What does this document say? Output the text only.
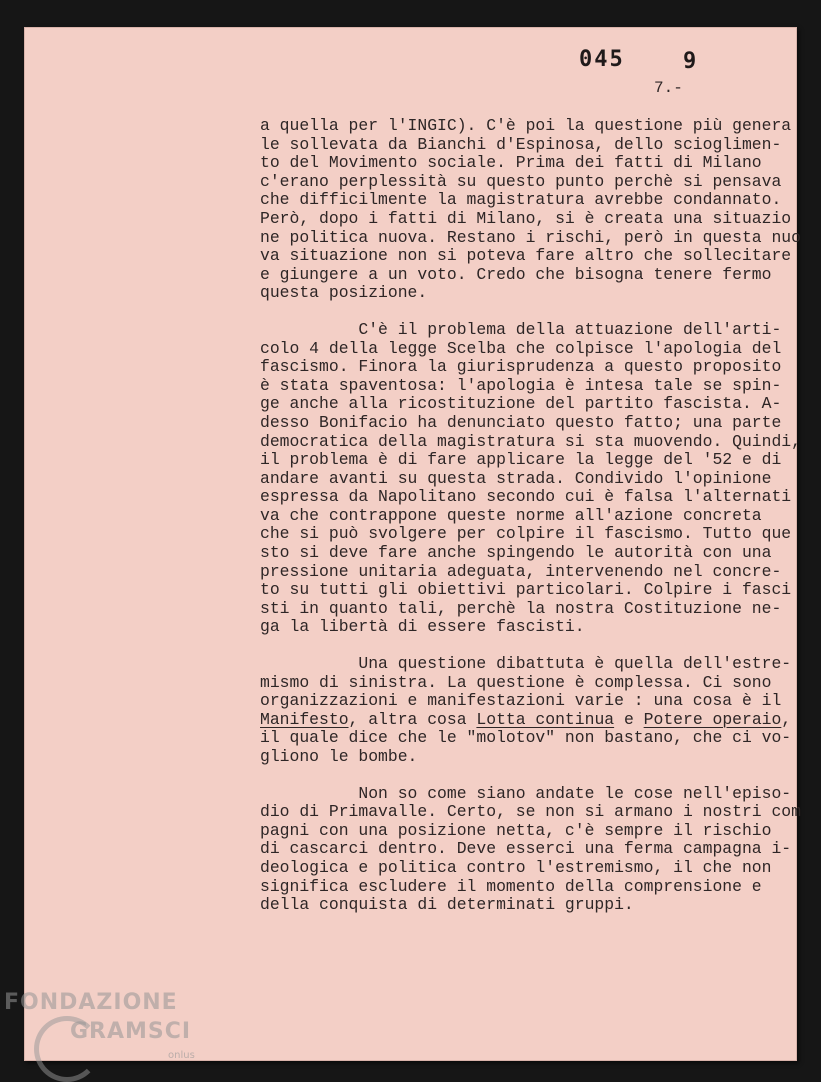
045	9
7.-
a quella per l'INGIC). C'è poi la questione più genera
le sollevata da Bianchi d'Espinosa, dello scioglimen-
to del Movimento sociale. Prima dei fatti di Milano
c'erano perplessità su questo punto perchè si pensava
che difficilmente la magistratura avrebbe condannato.
Però, dopo i fatti di Milano, si è creata una situazio
ne politica nuova. Restano i rischi, però in questa nuo
va situazione non si poteva fare altro che sollecitare
e giungere a un voto. Credo che bisogna tenere fermo
questa posizione.
C'è il problema della attuazione dell'arti-
colo 4 della legge Scelba che colpisce l'apologia del
fascismo. Finora la giurisprudenza a questo proposito
è stata spaventosa: l'apologia è intesa tale se spin-
ge anche alla ricostituzione del partito fascista. A-
desso Bonifacio ha denunciato questo fatto; una parte
democratica della magistratura si sta muovendo. Quindi,
il problema è di fare applicare la legge del '52 e di
andare avanti su questa strada. Condivido l'opinione
espressa da Napolitano secondo cui è falsa l'alternati
va che contrappone queste norme all'azione concreta
che si può svolgere per colpire il fascismo. Tutto que
sto si deve fare anche spingendo le autorità con una
pressione unitaria adeguata, intervenendo nel concre-
to su tutti gli obiettivi particolari. Colpire i fasci
sti in quanto tali, perchè la nostra Costituzione ne-
ga la libertà di essere fascisti.
Una questione dibattuta è quella dell'estre-
mismo di sinistra. La questione è complessa. Ci sono
organizzazioni e manifestazioni varie : una cosa è il
Manifesto, altra cosa Lotta continua e Potere operaio,
il quale dice che le "molotov" non bastano, che ci vo-
gliono le bombe.
Non so come siano andate le cose nell'episo-
dio di Primavalle. Certo, se non si armano i nostri com
pagni con una posizione netta, c'è sempre il rischio
di cascarci dentro. Deve esserci una ferma campagna i-
deologica e politica contro l'estremismo, il che non
significa escludere il momento della comprensione e
della conquista di determinati gruppi.
FONDAZIONE
GRAMSCI
onlus
